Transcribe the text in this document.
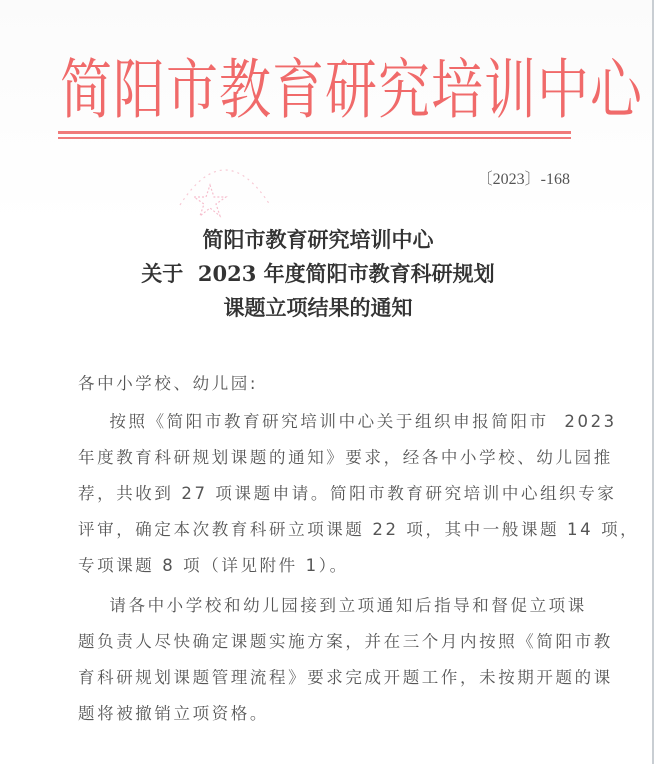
简阳市教育研究培训中心
〔2023〕-168
简阳市教育研究培训中心
关于  2023 年度简阳市教育科研规划
课题立项结果的通知
各中小学校、幼儿园:
按照《简阳市教育研究培训中心关于组织申报简阳市  2023
年度教育科研规划课题的通知》要求，经各中小学校、幼儿园推
荐，共收到 27 项课题申请。简阳市教育研究培训中心组织专家
评审，确定本次教育科研立项课题 22 项，其中一般课题 14 项，
专项课题 8 项（详见附件 1）。
请各中小学校和幼儿园接到立项通知后指导和督促立项课
题负责人尽快确定课题实施方案，并在三个月内按照《简阳市教
育科研规划课题管理流程》要求完成开题工作，未按期开题的课
题将被撤销立项资格。
